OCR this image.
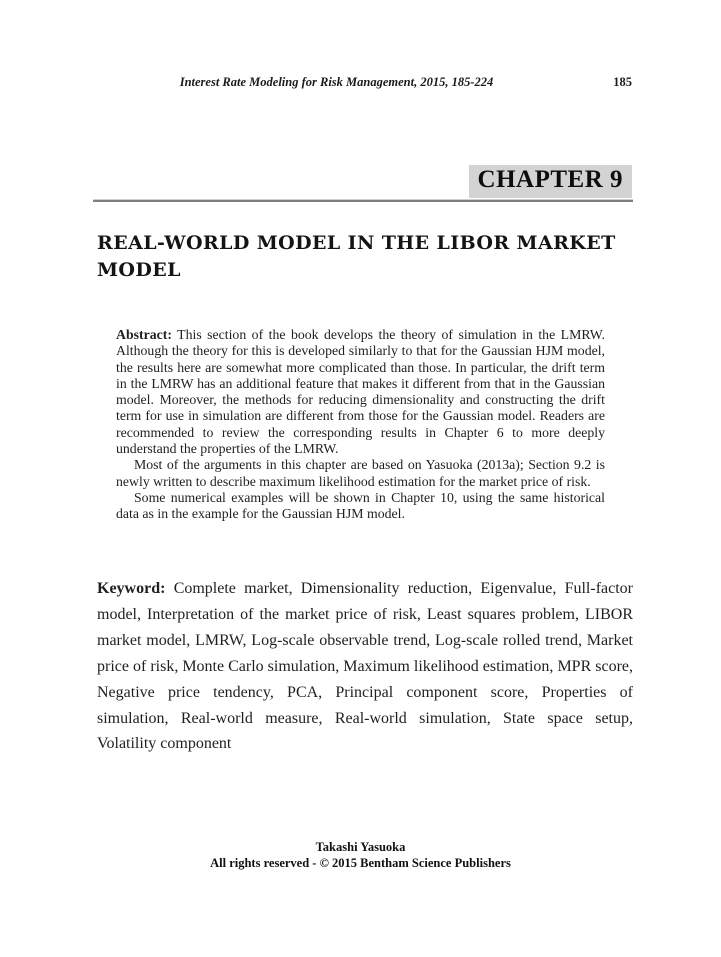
Interest Rate Modeling for Risk Management, 2015, 185-224	185
CHAPTER 9
REAL-WORLD MODEL IN THE LIBOR MARKET MODEL

Abstract: This section of the book develops the theory of simulation in the LMRW. Although the theory for this is developed similarly to that for the Gaussian HJM model, the results here are somewhat more complicated than those. In particular, the drift term in the LMRW has an additional feature that makes it different from that in the Gaussian model. Moreover, the methods for reducing dimensionality and constructing the drift term for use in simulation are different from those for the Gaussian model. Readers are recommended to review the corresponding results in Chapter 6 to more deeply understand the properties of the LMRW.

Most of the arguments in this chapter are based on Yasuoka (2013a); Section 9.2 is newly written to describe maximum likelihood estimation for the market price of risk.

Some numerical examples will be shown in Chapter 10, using the same historical data as in the example for the Gaussian HJM model.

Keyword: Complete market, Dimensionality reduction, Eigenvalue, Full-factor model, Interpretation of the market price of risk, Least squares problem, LIBOR market model, LMRW, Log-scale observable trend, Log-scale rolled trend, Market price of risk, Monte Carlo simulation, Maximum likelihood estimation, MPR score, Negative price tendency, PCA, Principal component score, Properties of simulation, Real-world measure, Real-world simulation, State space setup, Volatility component
Takashi Yasuoka
All rights reserved - © 2015 Bentham Science Publishers
